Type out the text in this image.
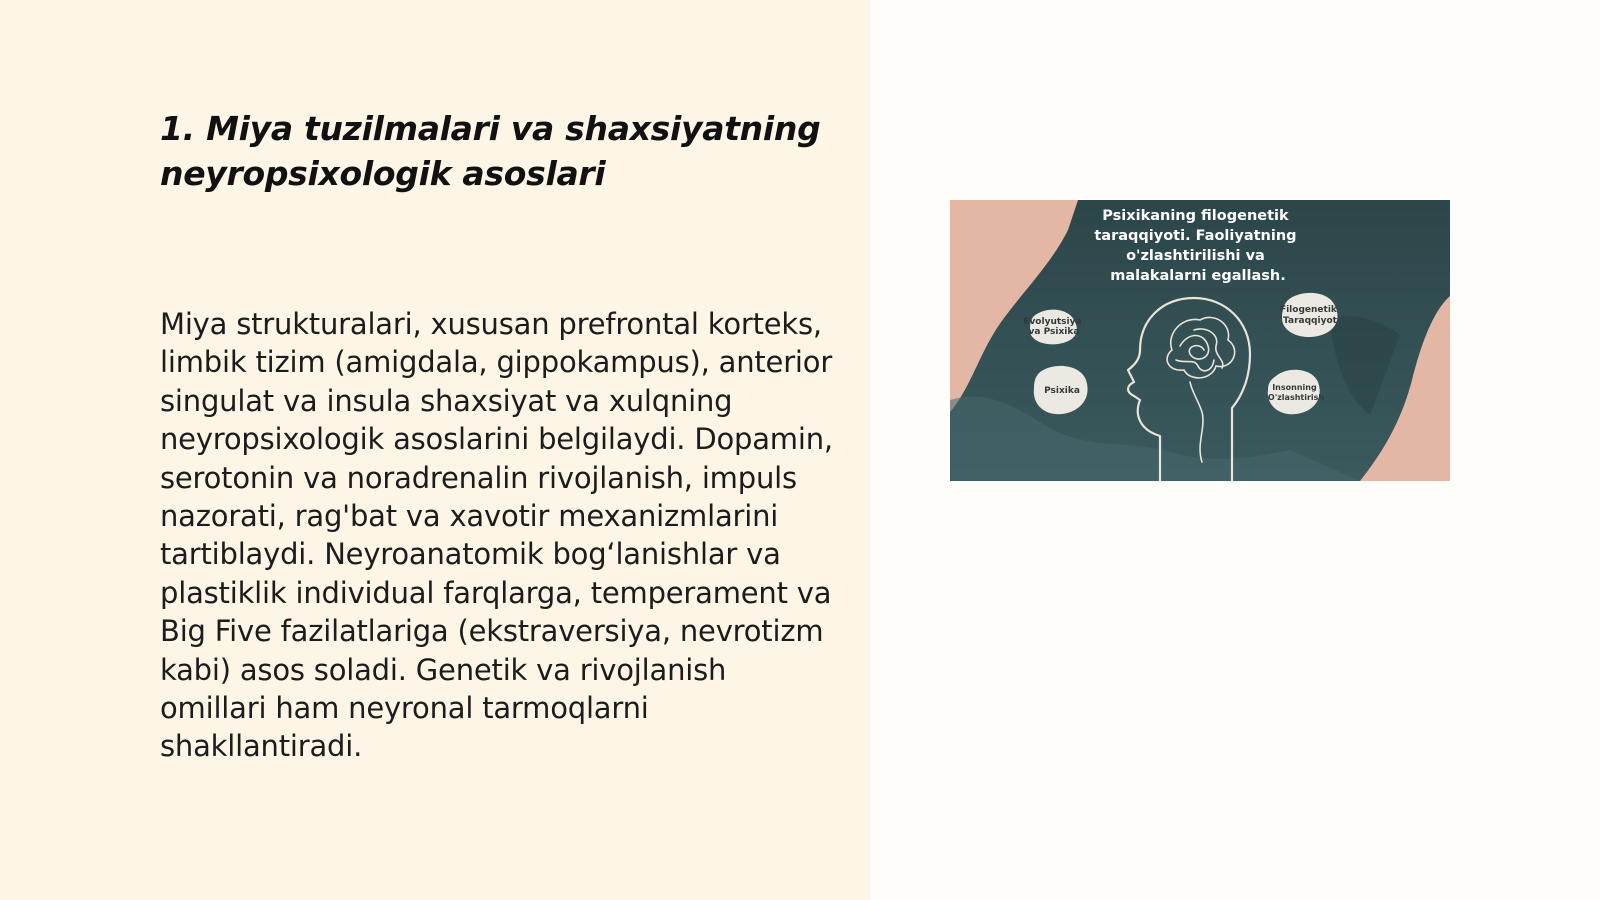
1. Miya tuzilmalari va shaxsiyatning
neyropsixologik asoslari

Miya strukturalari, xususan prefrontal korteks, limbik tizim (amigdala, gippokampus), anterior singulat va insula shaxsiyat va xulqning neyropsixologik asoslarini belgilaydi. Dopamin, serotonin va noradrenalin rivojlanish, impuls nazorati, rag'bat va xavotir mexanizmlarini tartiblaydi. Neyroanatomik bog‘lanishlar va plastiklik individual farqlarga, temperament va Big Five fazilatlariga (ekstraversiya, nevrotizm kabi) asos soladi. Genetik va rivojlanish omillari ham neyronal tarmoqlarni shakllantiradi.

Psixikaning filogenetik taraqqiyoti. Faoliyatning o'zlashtirilishi va malakalarni egallash.
Evolyutsiya va Psixika
Filogenetik Taraqqiyot
Psixika	Insonning O'zlashtirish
